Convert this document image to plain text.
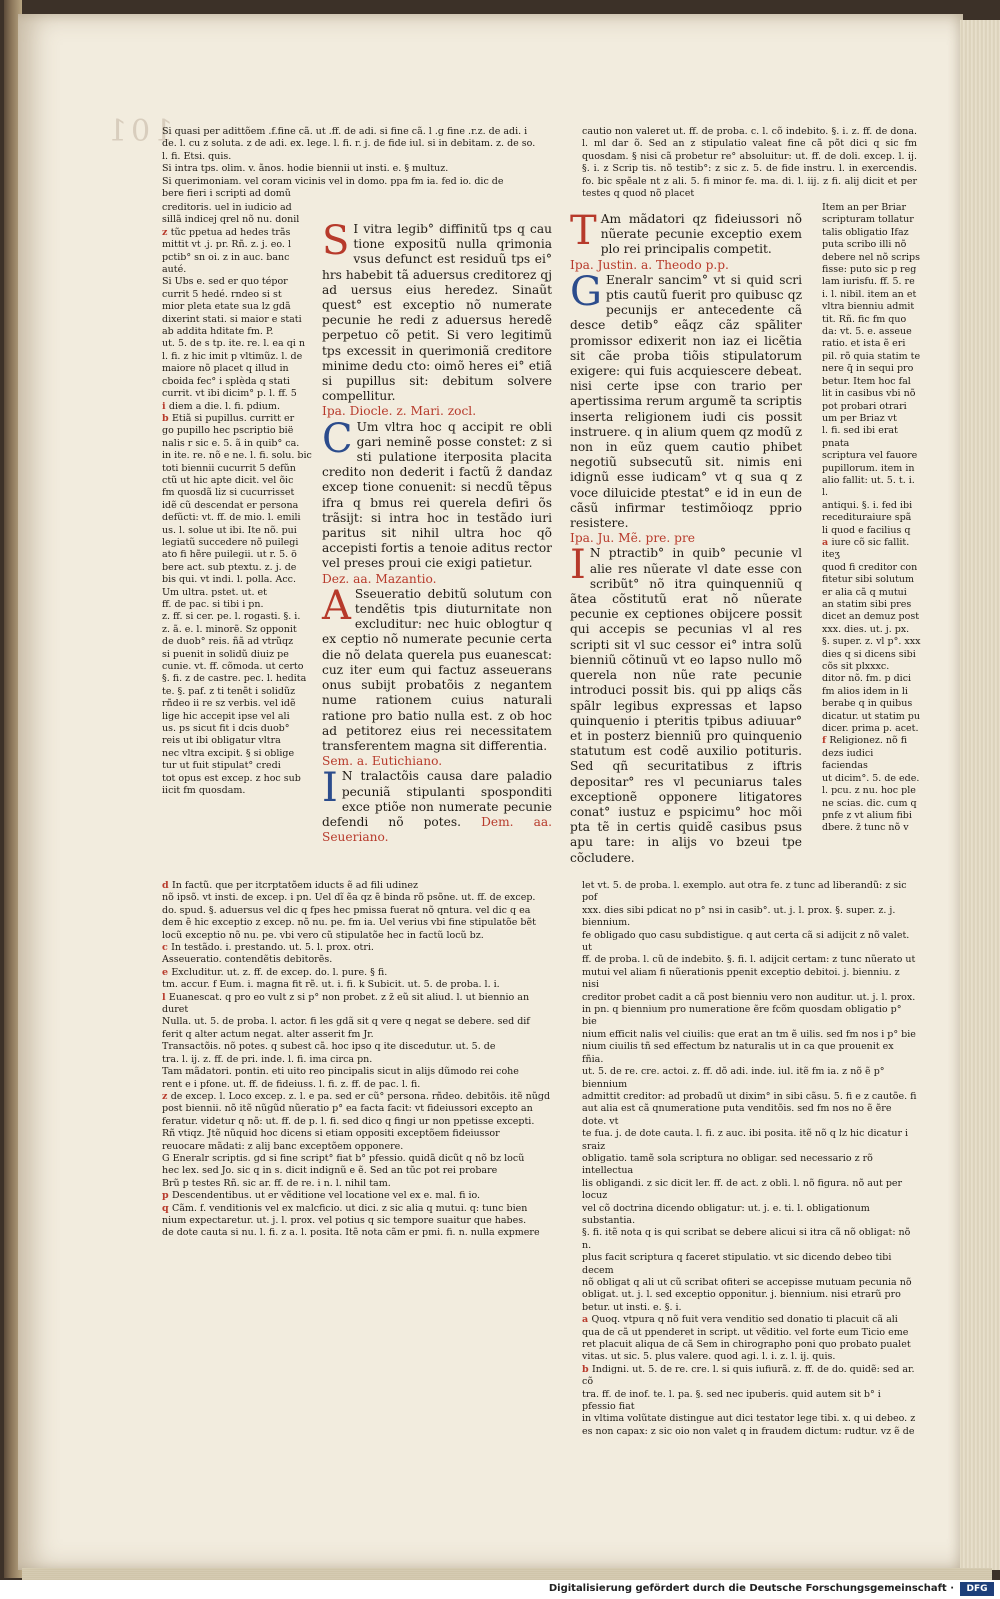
101
Si quasi per adittõem .f.fine cã. ut .ff. de adi. si fine cã. l .g fine .r.z. de adi. i
de. l. cu z soluta. z de adi. ex. lege. l. fi. r. j. de fide iul. si in debitam. z. de so.
l. fi. Etsi. quis.
Si intra tps. olim. v. ãnos. hodie biennii ut insti. e. § multuz.
Si querimoniam. vel coram vicinis vel in domo. ppa fm ia. fed io. dic de
bere fieri i scripti ad domũ
creditoris. uel in iudicio ad
sillã indicej qrel nõ nu. donil
z tũc ppetua ad hedes trãs
mittit vt .j. pr. Rñ. z. j. eo. l
pctib° sn oi. z in auc. banc
auté.
Si Ubs e. sed er quo tépor
currit 5 hedé. rndeo si st
mior pleta etate sua lz gdã
dixerint stati. si maior e stati
ab addita hditate fm. P.
ut. 5. de s tp. ite. re. l. ea qi n
l. fi. z hic imit p vltimũz. l. de
maiore nõ placet q illud in
cboida fec° i splèda q stati
currit. vt ibi dicim° p. l. ff. 5
i diem a die. l. fi. pdium.
b Etiã si pupillus. curritt er
go pupillo hec pscriptio bië
nalis r sic e. 5. ã in quib° ca.
in ite. re. nõ e ne. l. fi. solu. bic
toti biennii cucurrit 5 defũn
ctũ ut hic apte dicit. vel õic
fm quosdã liz si cucurrisset
idẽ cũ descendat er persona
defũcti: vt. ff. de mio. l. emili
us. l. solue ut ibi. Ite nõ. pui
legiatũ succedere nõ puilegi
ato fi hẽre puilegii. ut r. 5. ö
bere act. sub ptextu. z. j. de
bis qui. vt indi. l. polla. Acc.
Um ultra. pstet. ut. et
ff. de pac. si tibi i pn.
z. ff. si cer. pe. l. rogasti. §. i.
z. ã. e. l. minorẽ. Sz opponit
de duob° reis. ñã ad vtrũqz
si puenit in solidũ diuiz pe
cunie. vt. ff. cõmoda. ut certo
§. fi. z de castre. pec. l. hedita
te. §. paf. z ti tenẽt i solidũz
rñdeo ii re sz verbis. vel idẽ
lige hic accepit ipse vel ali
us. ps sicut fit i dcis duob°
reis ut ibi obligatur vltra
nec vltra excipit. § si oblige
tur ut fuit stipulat° credi
tot opus est excep. z hoc sub
iicit fm quosdam.

S I vitra legib° diffinitũ tps q cau tione expositũ nulla qrimonia vsus defunct est residuũ tps ei° hrs habebit tã aduersus creditorez qj ad uersus eius heredez. Sinaũt quest° est exceptio nõ numerate pecunie he redi z aduersus heredẽ perpetuo cõ petit. Si vero legitimũ tps excessit in querimoniã creditore minime dedu cto: oimõ heres ei° etiã si pupillus sit: debitum solvere compellitur.

Ipa. Diocle. z. Mari. zocl.

C Um vltra hoc q accipit re obli gari neminẽ posse constet: z si sti pulatione iterposita placita credito non dederit i factũ z̃ dandaz excep tione conuenit: si necdũ tẽpus ifra q bmus rei querela defiri õs trãsijt: si intra hoc in testãdo iuri paritus sit nihil ultra hoc qõ accepisti fortis a tenoie aditus rector vel preses proui cie exigi patietur.

Dez. aa. Mazantio.

A Sseueratio debitũ solutum con tendẽtis tpis diuturnitate non excluditur: nec huic oblogtur q ex ceptio nõ numerate pecunie certa die nõ delata querela pus euanescat: cuz iter eum qui factuz asseuerans onus subijt probatõis z negantem nume rationem cuius naturali ratione pro batio nulla est. z ob hoc ad petitorez eius rei necessitatem transferentem magna sit differentia.

Sem. a. Eutichiano.

I N tralactõis causa dare paladio pecuniã stipulanti sposponditi exce ptiõe non numerate pecunie defendi nõ potes. Dem. aa. Seueriano.

cautio non valeret ut. ff. de proba. c. l. cõ indebito. §. i. z. ff. de dona. l. ml dar õ. Sed an z stipulatio valeat fine cã põt dici q sic fm quosdam. § nisi cã probetur re° absoluitur: ut. ff. de doli. excep. l. ij. §. i. z Scrip tis. nõ testib°: z sic z. 5. de fide instru. l. in exercendis. fo. bic spẽale nt z ali. 5. fi minor fe. ma. di. l. iij. z fi. alij dicit et per testes q quod nõ placet

T Am mãdatori qz fideiussori nõ nũerate pecunie exceptio exem plo rei principalis competit.

Ipa. Justin. a. Theodo p.p.

G Eneralr sancim° vt si quid scri ptis cautũ fuerit pro quibusc qz pecunijs er antecedente cã desce detib° eãqz cãz spãliter promissor edixerit non iaz ei licẽtia sit cãe proba tiõis stipulatorum exigere: qui fuis acquiescere debeat. nisi certe ipse con trario per apertissima rerum argumẽ ta scriptis inserta religionem iudi cis possit instruere. q in alium quem qz modũ z non in eũz quem cautio phibet negotiũ subsecutũ sit. nimis eni idignũ esse iudicam° vt q sua q z voce diluicide ptestat° e id in eun de cãsũ infirmar testimõioqz pprio resistere.

Ipa. Ju. Mẽ. pre. pre

I N ptractib° in quib° pecunie vl alie res nũerate vl date esse con scribũt° nõ itra quinquenniũ q ãtea cõstitutũ erat nõ nũerate pecunie ex ceptiones obijcere possit qui accepis se pecunias vl al res scripti sit vl suc cessor ei° intra solũ bienniũ cõtinuũ vt eo lapso nullo mõ querela non nũe rate pecunie introduci possit bis. qui pp aliqs cãs spãlr legibus expressas et lapso quinquenio i pteritis tpibus adiuuar° et in posterz bienniũ pro quinquenio statutum est codẽ auxilio potituris. Sed qñ securitatibus z iftris depositar° res vl pecuniarus tales exceptionẽ opponere litigatores conat° iustuz e pspicimu° hoc mõi pta tẽ in certis quidẽ casibus psus apu tare: in alijs vo bzeui tpe cõcludere.

Item an per Briar
scripturam tollatur
talis obligatio Ifaz
puta scribo illi nõ
debere nel nõ scrips
fisse: puto sic p reg
lam iurisfu. ff. 5. re
i. l. nibil. item an et
vltra bienniu admit
tit. Rñ. fic fm quo
da: vt. 5. e. asseue
ratio. et ista ẽ eri
pil. rõ quia statim te
nere q̃ in sequi pro
betur. Item hoc fal
lit in casibus vbi nõ
pot probari otrari
um per Briaz vt
l. fi. sed ibi erat pnata
scriptura vel fauore
pupillorum. item in
alio fallit: ut. 5. t. i. l.
antiqui. §. i. fed ibi
recedituraiure spã
li quod e facilius q
a iure cõ sic fallit. iteʒ
quod fi creditor con
fitetur sibi solutum
er alia cã q mutui
an statim sibi pres
dicet an demuz post
xxx. dies. ut. j. px.
§. super. z. vl p°. xxx
dies q si dicens sibi
cõs sit plxxxc.
ditor nõ. fm. p dici
fm alios idem in li
berabe q in quibus
dicatur. ut statim pu
dicer. prima p. acet.
f Religionez. nõ fi
dezs iudici faciendas
ut dicim°. 5. de ede.
l. pcu. z nu. hoc ple
ne scias. dic. cum q
pnfe z vt alium fibi
dbere. z̃ tunc nõ v
d In factũ. que per itcrptatõem iducts ẽ ad fili udinez
nõ ipsõ. vt insti. de excep. i pn. Uel dĩ ẽa qz ẽ binda rõ psõne. ut. ff. de excep.
do. spud. §. aduersus vel dic q fpes hec pmissa fuerat nõ qntura. vel dic q ea
dem ẽ hic exceptio z excep. nõ nu. pe. fm ia. Uel verius vbi fine stipulatõe bẽt
locũ exceptio nõ nu. pe. vbi vero cũ stipulatõe hec in factũ locũ bz.
c In testãdo. i. prestando. ut. 5. l. prox. otri.
Asseueratio. contendẽtis debitorẽs.
e Excluditur. ut. z. ff. de excep. do. l. pure. § fi.
tm. accur. f Eum. i. magna fit rẽ. ut. i. fi. k Subicit. ut. 5. de proba. l. i.
l Euanescat. q pro eo vult z si p° non probet. z z̃ eũ sit aliud. l. ut biennio an duret
Nulla. ut. 5. de proba. l. actor. fi les gdã sit q vere q negat se debere. sed dif
ferit q alter actum negat. alter asserit fm Jr.
Transactõis. nõ potes. q subest cã. hoc ipso q ite discedutur. ut. 5. de
tra. l. ij. z. ff. de pri. inde. l. fi. ima circa pn.
Tam mãdatori. pontin. eti uito reo pincipalis sicut in alijs dũmodo rei cohe
rent e i pfone. ut. ff. de fideiuss. l. fi. z. ff. de pac. l. fi.
z de excep. l. Loco excep. z. l. e pa. sed er cũ° persona. rñdeo. debitõis. itẽ nũgd
post biennii. nõ itẽ nũgũd nũeratio p° ea facta facit: vt fideiussori excepto an
feratur. videtur q nõ: ut. ff. de p. l. fi. sed dico q fingi ur non ppetisse excepti.
Rñ vtiqz. Jtẽ nũquid hoc dicens si etiam oppositi exceptõem fideiussor
reuocare mãdati: z alij banc exceptõem opponere.
G Eneralr scriptis. gd si fine script° fiat b° pfessio. quidã dicũt q nõ bz locũ
hec lex. sed Jo. sic q in s. dicit indignũ e ẽ. Sed an tũc pot rei probare
Brũ p testes Rñ. sic ar. ff. de re. i n. l. nihil tam.
p Descendentibus. ut er vẽditione vel locatione vel ex e. mal. fi io.
q Cãm. f. venditionis vel ex malcficio. ut dici. z sic alia q mutui. q: tunc bien
nium expectaretur. ut. j. l. prox. vel potius q sic tempore suaitur que habes.
de dote cauta si nu. l. fi. z a. l. posita. Itẽ nota cãm er pmi. fi. n. nulla expmere
let vt. 5. de proba. l. exemplo. aut otra fe. z tunc ad liberandũ: z sic pof
xxx. dies sibi pdicat no p° nsi in casib°. ut. j. l. prox. §. super. z. j. biennium.
fe obligado quo casu subdistigue. q aut certa cã si adijcit z nõ valet. ut
ff. de proba. l. cũ de indebito. §. fi. l. adijcit certam: z tunc nũerato ut
mutui vel aliam fi nũerationis ppenit exceptio debitoi. j. bienniu. z nisi
creditor probet cadit a cã post bienniu vero non auditur. ut. j. l. prox.
in pn. q biennium pro numeratione ẽre fcõm quosdam obligatio p° bie
nium efficit nalis vel ciuilis: que erat an tm ẽ uilis. sed fm nos i p° bie
nium ciuilis tñ sed effectum bz naturalis ut in ca que prouenit ex fñia.
ut. 5. de re. cre. actoi. z. ff. dõ adi. inde. iul. itẽ fm ia. z nõ ẽ p° biennium
admittit creditor: ad probadũ ut dixim° in sibi cãsu. 5. fi e z cautõe. fi
aut alia est cã qnumeratione puta venditõis. sed fm nos no ẽ ẽre dote. vt
te fua. j. de dote cauta. l. fi. z auc. ibi posita. itẽ nõ q lz hic dicatur i sraiz
obligatio. tamẽ sola scriptura no obligar. sed necessario z rõ intellectua
lis obligandi. z sic dicit ler. ff. de act. z obli. l. nõ figura. nõ aut per locuz
vel cõ doctrina dicendo obligatur: ut. j. e. ti. l. obligationum substantia.
§. fi. itẽ nota q is qui scribat se debere alicui si itra cã nõ obligat: nõ n.
plus facit scriptura q faceret stipulatio. vt sic dicendo debeo tibi decem
nõ obligat q ali ut cũ scribat ofiteri se accepisse mutuam pecunia nõ
obligat. ut. j. l. sed exceptio opponitur. j. biennium. nisi etrarũ pro
betur. ut insti. e. §. i.
a Quoq. vtpura q nõ fuit vera venditio sed donatio ti placuit cã ali
qua de cã ut ppenderet in script. ut vẽditio. vel forte eum Ticio eme
ret placuit aliqua de cã Sem in chirographo poni quo probato pualet
vitas. ut sic. 5. plus valere. quod agi. l. i. z. l. ij. quis.
b Indigni. ut. 5. de re. cre. l. si quis iufiurã. z. ff. de do. quidẽ: sed ar. cõ
tra. ff. de inof. te. l. pa. §. sed nec ipuberis. quid autem sit b° i pfessio fiat
in vltima volũtate distingue aut dici testator lege tibi. x. q ui debeo. z
es non capax: z sic oio non valet q in fraudem dictum: rudtur. vz ẽ de
Digitalisierung gefördert durch die Deutsche Forschungsgemeinschaft ·	DFG
